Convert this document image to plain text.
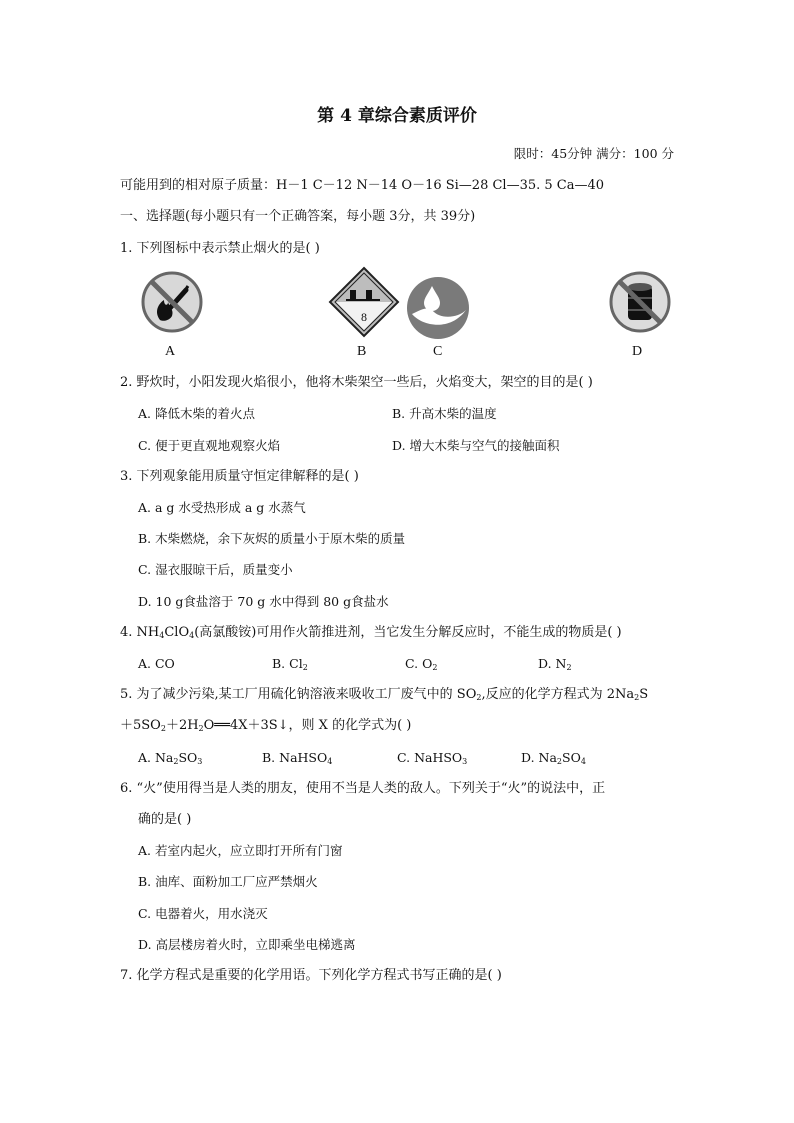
第 4 章综合素质评价
限时：45分钟 满分：100 分
可能用到的相对原子质量：H－1 C－12 N－14 O－16 Si—28 Cl—35. 5 Ca—40
一、选择题(每小题只有一个正确答案，每小题 3分，共 39分)
1. 下列图标中表示禁止烟火的是( )
8
A	B	C	D
2. 野炊时，小阳发现火焰很小，他将木柴架空一些后，火焰变大，架空的目的是( )
A. 降低木柴的着火点	B. 升高木柴的温度
C. 便于更直观地观察火焰	D. 增大木柴与空气的接触面积
3. 下列观象能用质量守恒定律解释的是( )
A. a g 水受热形成 a g 水蒸气
B. 木柴燃烧，余下灰烬的质量小于原木柴的质量
C. 湿衣服晾干后，质量变小
D. 10 g食盐溶于 70 g 水中得到 80 g食盐水
4. $NH_4ClO_4$(高氯酸铵)可用作火箭推进剂，当它发生分解反应时，不能生成的物质是( )
A. CO	B. $Cl_2$	C. $O_2$	D. $N_2$
5. 为了减少污染,某工厂用硫化钠溶液来吸收工厂废气中的 $SO_2$,反应的化学方程式为 $2Na_2S$
$+5SO_2+2H_2O══4X+3S↓$，则 X 的化学式为( )
A. $Na_2SO_3$	B. NaHSO$_4$	C. NaHSO$_3$	D. $Na_2SO_4$
6. “火”使用得当是人类的朋友，使用不当是人类的敌人。下列关于“火”的说法中，正
确的是( )
A. 若室内起火，应立即打开所有门窗
B. 油库、面粉加工厂应严禁烟火
C. 电器着火，用水浇灭
D. 高层楼房着火时，立即乘坐电梯逃离
7. 化学方程式是重要的化学用语。下列化学方程式书写正确的是( )
